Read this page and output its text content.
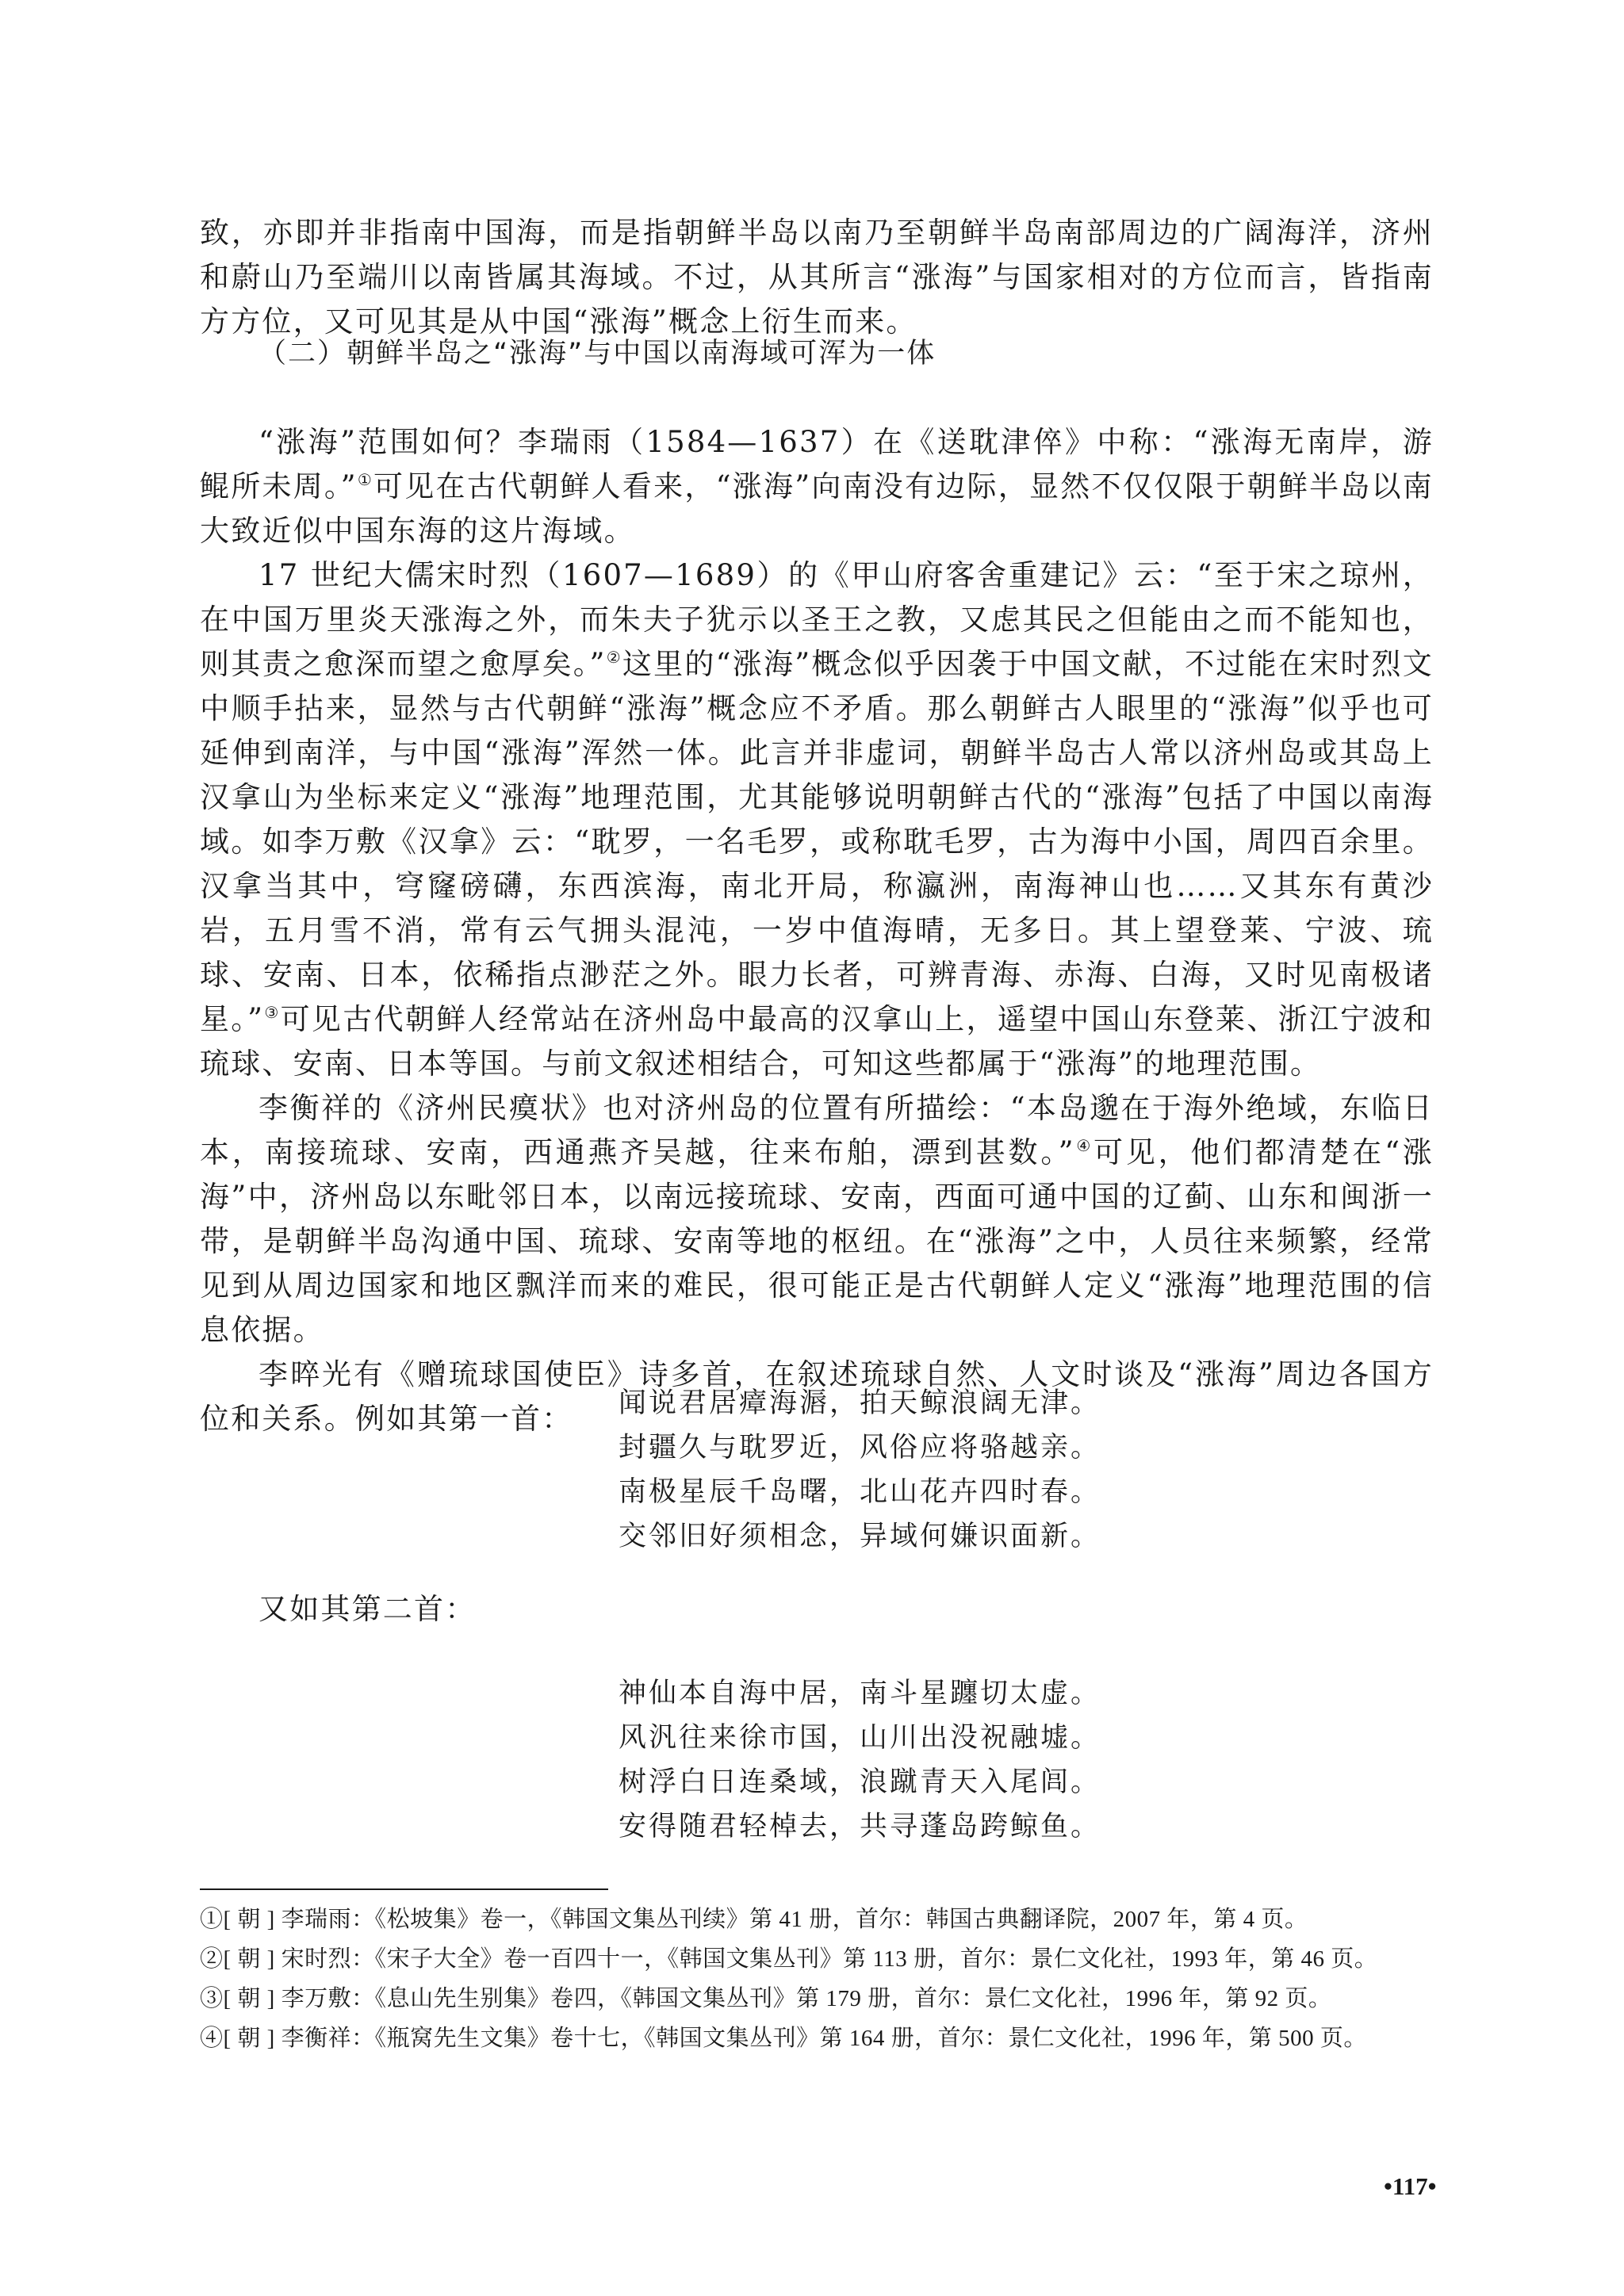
致，亦即并非指南中国海，而是指朝鲜半岛以南乃至朝鲜半岛南部周边的广阔海洋，济州和蔚山乃至端川以南皆属其海域。不过，从其所言“涨海”与国家相对的方位而言，皆指南方方位，又可见其是从中国“涨海”概念上衍生而来。

（二）朝鲜半岛之“涨海”与中国以南海域可浑为一体

“涨海”范围如何？李瑞雨（1584—1637）在《送耽津倅》中称：“涨海无南岸，游鲲所未周。”①可见在古代朝鲜人看来，“涨海”向南没有边际，显然不仅仅限于朝鲜半岛以南大致近似中国东海的这片海域。

17 世纪大儒宋时烈（1607—1689）的《甲山府客舍重建记》云：“至于宋之琼州，在中国万里炎天涨海之外，而朱夫子犹示以圣王之教，又虑其民之但能由之而不能知也，则其责之愈深而望之愈厚矣。”②这里的“涨海”概念似乎因袭于中国文献，不过能在宋时烈文中顺手拈来，显然与古代朝鲜“涨海”概念应不矛盾。那么朝鲜古人眼里的“涨海”似乎也可延伸到南洋，与中国“涨海”浑然一体。此言并非虚词，朝鲜半岛古人常以济州岛或其岛上汉拿山为坐标来定义“涨海”地理范围，尤其能够说明朝鲜古代的“涨海”包括了中国以南海域。如李万敷《汉拿》云：“耽罗，一名毛罗，或称耽毛罗，古为海中小国，周四百余里。汉拿当其中，穹窿磅礴，东西滨海，南北开局，称瀛洲，南海神山也……又其东有黄沙岩，五月雪不消，常有云气拥头混沌，一岁中值海晴，无多日。其上望登莱、宁波、琉球、安南、日本，依稀指点渺茫之外。眼力长者，可辨青海、赤海、白海，又时见南极诸星。”③可见古代朝鲜人经常站在济州岛中最高的汉拿山上，遥望中国山东登莱、浙江宁波和琉球、安南、日本等国。与前文叙述相结合，可知这些都属于“涨海”的地理范围。

李衡祥的《济州民瘼状》也对济州岛的位置有所描绘：“本岛邈在于海外绝域，东临日本，南接琉球、安南，西通燕齐吴越，往来布舶，漂到甚数。”④可见，他们都清楚在“涨海”中，济州岛以东毗邻日本，以南远接琉球、安南，西面可通中国的辽蓟、山东和闽浙一带，是朝鲜半岛沟通中国、琉球、安南等地的枢纽。在“涨海”之中，人员往来频繁，经常见到从周边国家和地区飘洋而来的难民，很可能正是古代朝鲜人定义“涨海”地理范围的信息依据。

李晬光有《赠琉球国使臣》诗多首，在叙述琉球自然、人文时谈及“涨海”周边各国方位和关系。例如其第一首：	闻说君居瘴海滣，拍天鲸浪阔无津。
封疆久与耽罗近，风俗应将骆越亲。
南极星辰千岛曙，北山花卉四时春。
交邻旧好须相念，异域何嫌识面新。
又如其第二首：
神仙本自海中居，南斗星躔切太虚。
风汎往来徐市国，山川出没祝融墟。
树浮白日连桑域，浪蹴青天入尾闾。
安得随君轻棹去，共寻蓬岛跨鲸鱼。
①[ 朝 ] 李瑞雨：《松坡集》卷一，《韩国文集丛刊续》第 41 册，首尔：韩国古典翻译院，2007 年，第 4 页。
②[ 朝 ] 宋时烈：《宋子大全》卷一百四十一，《韩国文集丛刊》第 113 册，首尔：景仁文化社，1993 年，第 46 页。
③[ 朝 ] 李万敷：《息山先生别集》卷四，《韩国文集丛刊》第 179 册，首尔：景仁文化社，1996 年，第 92 页。
④[ 朝 ] 李衡祥：《瓶窝先生文集》卷十七，《韩国文集丛刊》第 164 册，首尔：景仁文化社，1996 年，第 500 页。
•117•
